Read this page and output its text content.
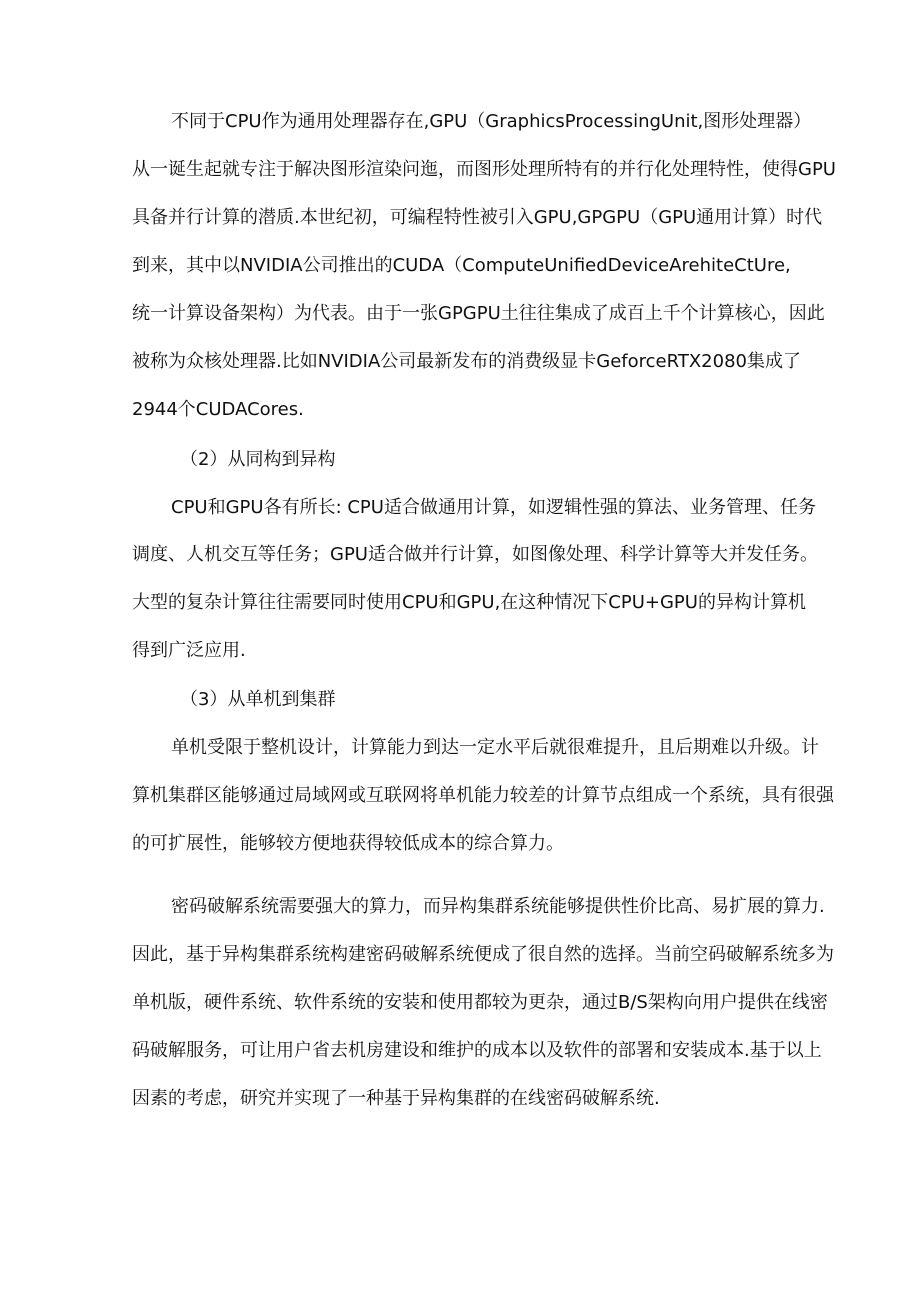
不同于CPU作为通用处理器存在,GPU（GraphicsProcessingUnit,图形处理器）
从一诞生起就专注于解决图形渲染问迤，而图形处理所特有的并行化处理特性，使得GPU
具备并行计算的潜质.本世纪初，可编程特性被引入GPU,GPGPU（GPU通用计算）时代
到来，其中以NVIDIA公司推出的CUDA（ComputeUnifiedDeviceArehiteCtUre,
统一计算设备架构）为代表。由于一张GPGPU土往往集成了成百上千个计算核心，因此
被称为众核处理器.比如NVIDIA公司最新发布的消费级显卡GeforceRTX2080集成了
2944个CUDACores.
（2）从同构到异构
CPU和GPU各有所长: CPU适合做通用计算，如逻辑性强的算法、业务管理、任务
调度、人机交互等任务；GPU适合做并行计算，如图像处理、科学计算等大并发任务。
大型的复杂计算往往需要同时使用CPU和GPU,在这种情况下CPU+GPU的异构计算机
得到广泛应用.
（3）从单机到集群
单机受限于整机设计，计算能力到达一定水平后就很难提升，且后期难以升级。计
算机集群区能够通过局域网或互联网将单机能力较差的计算节点组成一个系统，具有很强
的可扩展性，能够较方便地获得较低成本的综合算力。
密码破解系统需要强大的算力，而异构集群系统能够提供性价比高、易扩展的算力.
因此，基于异构集群系统构建密码破解系统便成了很自然的选择。当前空码破解系统多为
单机版，硬件系统、软件系统的安装和使用都较为更杂，通过B/S架构向用户提供在线密
码破解服务，可让用户省去机房建设和维护的成本以及软件的部署和安装成本.基于以上
因素的考虑，研究并实现了一种基于异构集群的在线密码破解系统.
